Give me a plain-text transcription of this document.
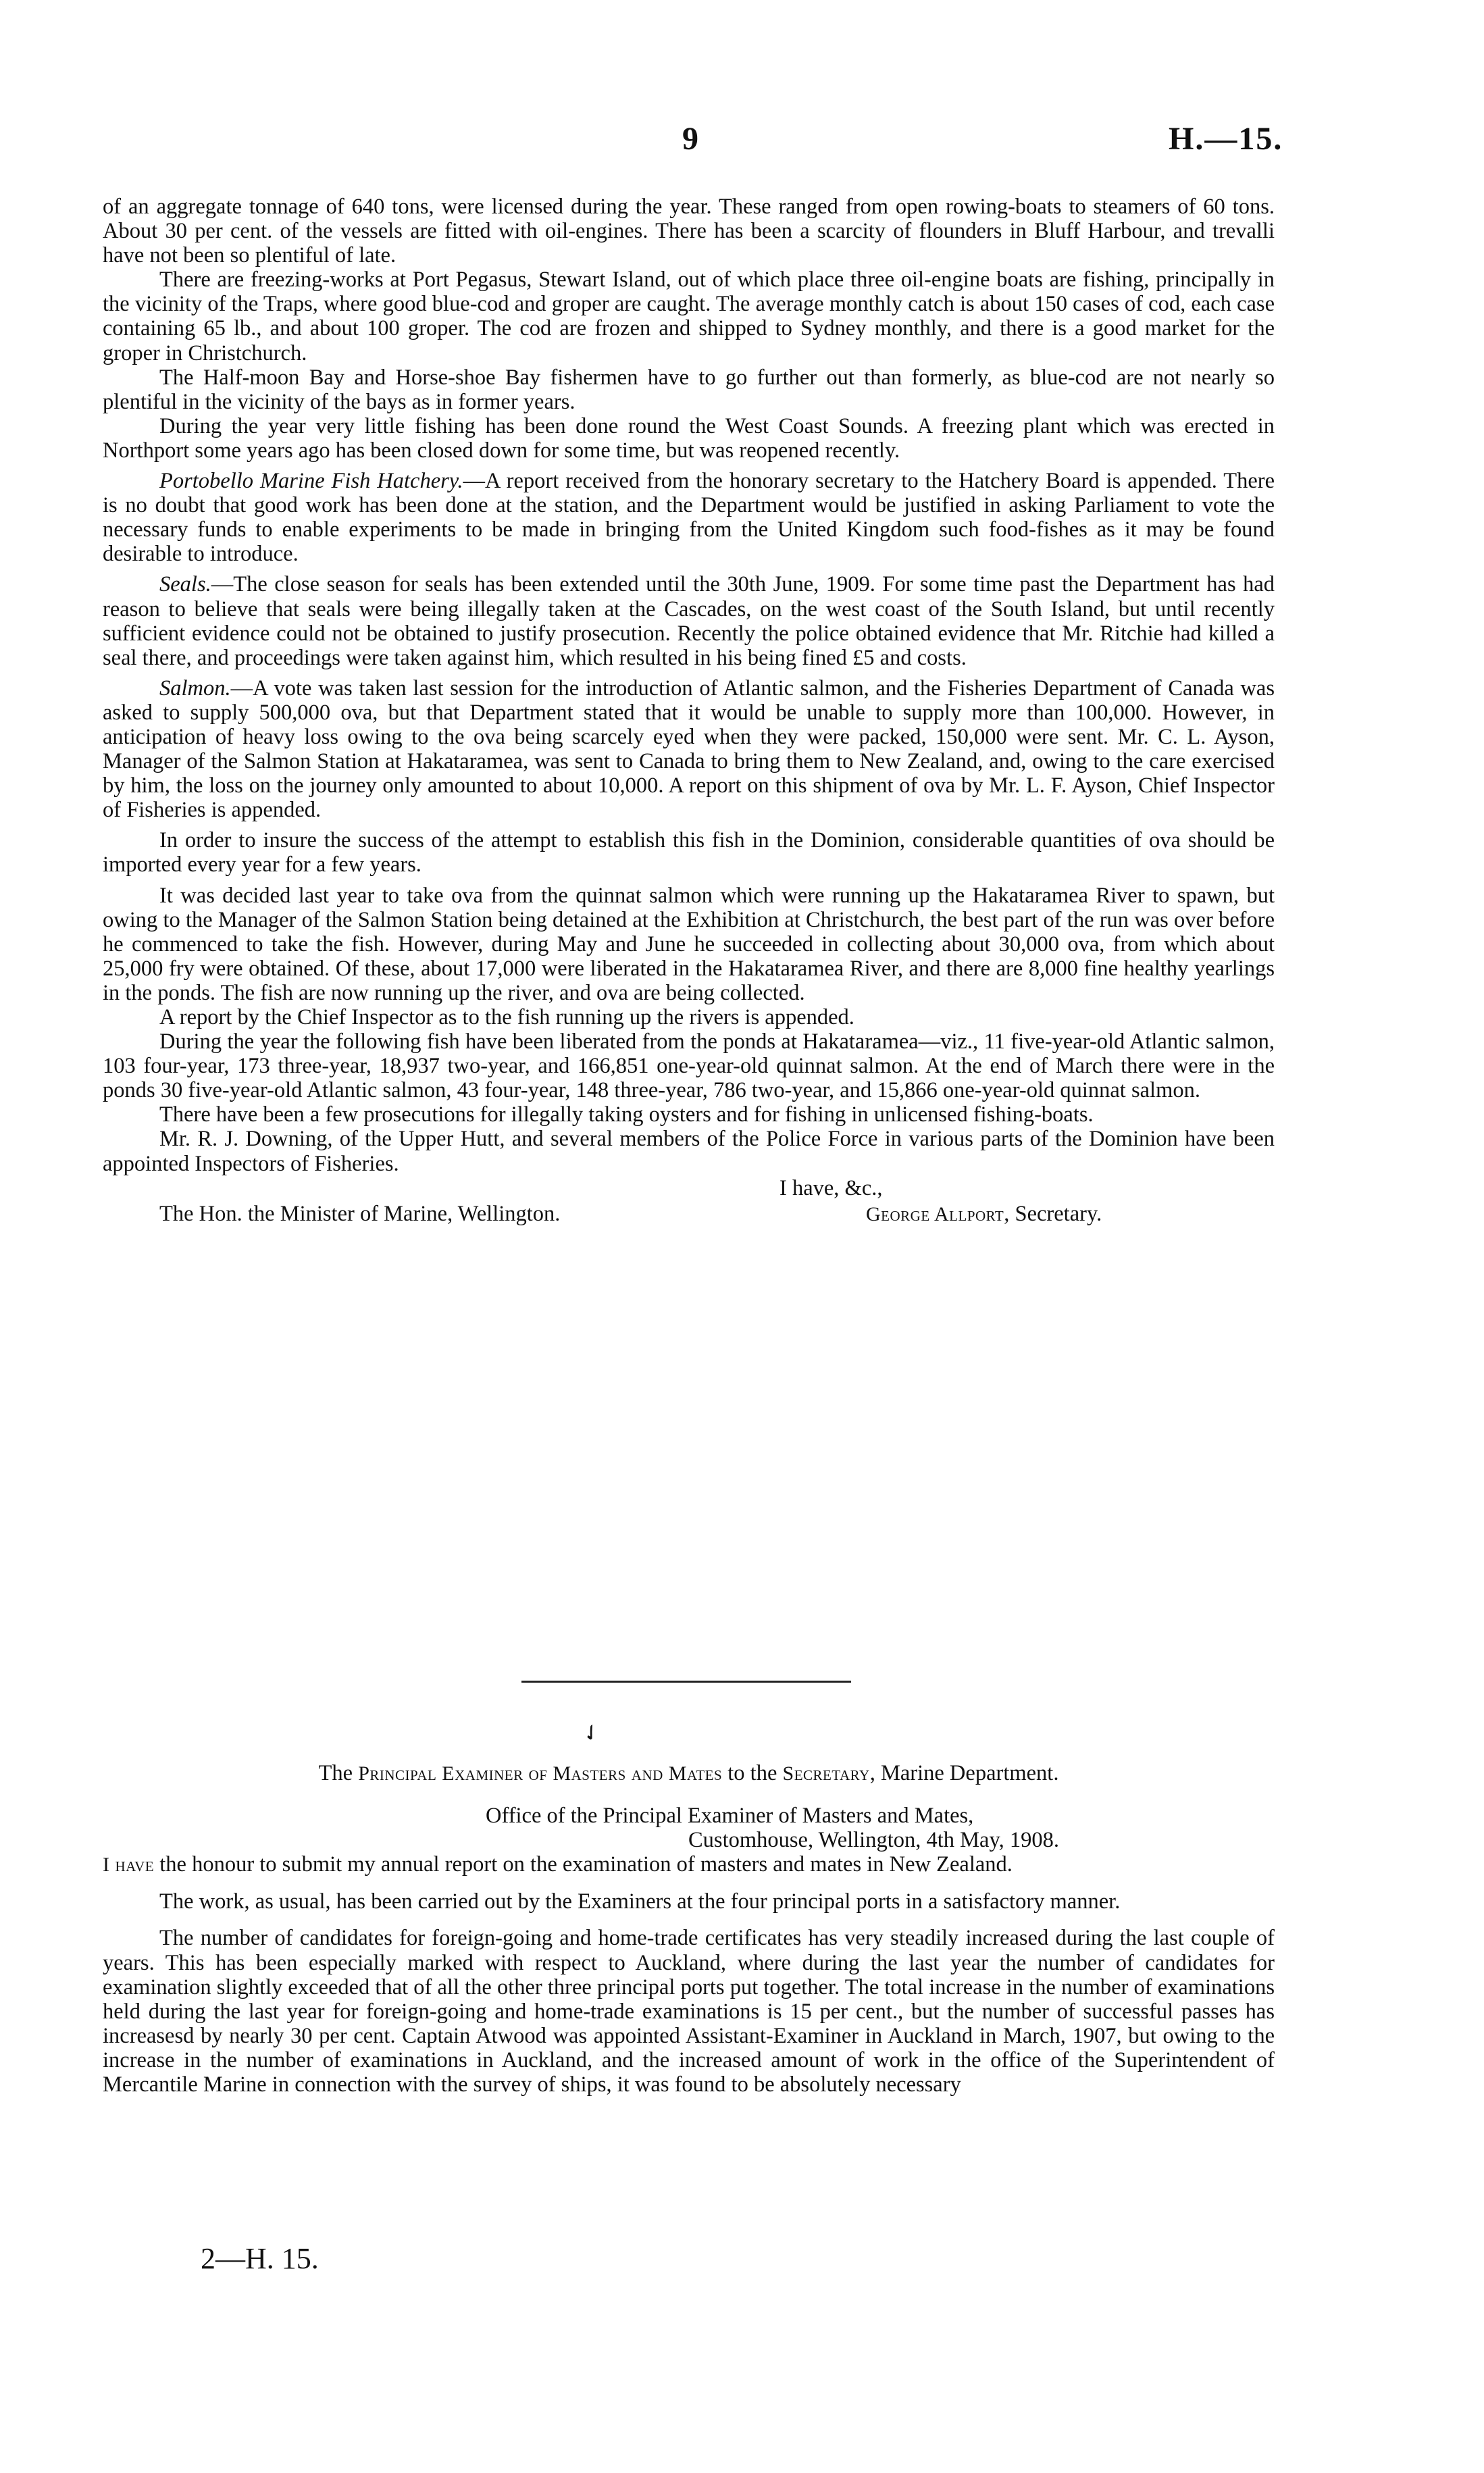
9	H.—15.

of an aggregate tonnage of 640 tons, were licensed during the year. These ranged from open rowing-boats to steamers of 60 tons. About 30 per cent. of the vessels are fitted with oil-engines. There has been a scarcity of flounders in Bluff Harbour, and trevalli have not been so plentiful of late.

There are freezing-works at Port Pegasus, Stewart Island, out of which place three oil-engine boats are fishing, principally in the vicinity of the Traps, where good blue-cod and groper are caught. The average monthly catch is about 150 cases of cod, each case containing 65 lb., and about 100 groper. The cod are frozen and shipped to Sydney monthly, and there is a good market for the groper in Christchurch.

The Half-moon Bay and Horse-shoe Bay fishermen have to go further out than formerly, as blue-cod are not nearly so plentiful in the vicinity of the bays as in former years.

During the year very little fishing has been done round the West Coast Sounds. A freezing plant which was erected in Northport some years ago has been closed down for some time, but was reopened recently.

Portobello Marine Fish Hatchery.—A report received from the honorary secretary to the Hatchery Board is appended. There is no doubt that good work has been done at the station, and the Department would be justified in asking Parliament to vote the necessary funds to enable experiments to be made in bringing from the United Kingdom such food-fishes as it may be found desirable to introduce.

Seals.—The close season for seals has been extended until the 30th June, 1909. For some time past the Department has had reason to believe that seals were being illegally taken at the Cascades, on the west coast of the South Island, but until recently sufficient evidence could not be obtained to justify prosecution. Recently the police obtained evidence that Mr. Ritchie had killed a seal there, and proceedings were taken against him, which resulted in his being fined £5 and costs.

Salmon.—A vote was taken last session for the introduction of Atlantic salmon, and the Fisheries Department of Canada was asked to supply 500,000 ova, but that Department stated that it would be unable to supply more than 100,000. However, in anticipation of heavy loss owing to the ova being scarcely eyed when they were packed, 150,000 were sent. Mr. C. L. Ayson, Manager of the Salmon Station at Hakataramea, was sent to Canada to bring them to New Zealand, and, owing to the care exercised by him, the loss on the journey only amounted to about 10,000. A report on this shipment of ova by Mr. L. F. Ayson, Chief Inspector of Fisheries is appended.

In order to insure the success of the attempt to establish this fish in the Dominion, considerable quantities of ova should be imported every year for a few years.

It was decided last year to take ova from the quinnat salmon which were running up the Hakataramea River to spawn, but owing to the Manager of the Salmon Station being detained at the Exhibition at Christchurch, the best part of the run was over before he commenced to take the fish. However, during May and June he succeeded in collecting about 30,000 ova, from which about 25,000 fry were obtained. Of these, about 17,000 were liberated in the Hakataramea River, and there are 8,000 fine healthy yearlings in the ponds. The fish are now running up the river, and ova are being collected.

A report by the Chief Inspector as to the fish running up the rivers is appended.

During the year the following fish have been liberated from the ponds at Hakataramea—viz., 11 five-year-old Atlantic salmon, 103 four-year, 173 three-year, 18,937 two-year, and 166,851 one-year-old quinnat salmon. At the end of March there were in the ponds 30 five-year-old Atlantic salmon, 43 four-year, 148 three-year, 786 two-year, and 15,866 one-year-old quinnat salmon.

There have been a few prosecutions for illegally taking oysters and for fishing in unlicensed fishing-boats.

Mr. R. J. Downing, of the Upper Hutt, and several members of the Police Force in various parts of the Dominion have been appointed Inspectors of Fisheries.

I have, &c.,
The Hon. the Minister of Marine, Wellington.	George Allport, Secretary.
✓

The Principal Examiner of Masters and Mates to the Secretary, Marine Department.

Office of the Principal Examiner of Masters and Mates,

Customhouse, Wellington, 4th May, 1908.

I have the honour to submit my annual report on the examination of masters and mates in New Zealand.

The work, as usual, has been carried out by the Examiners at the four principal ports in a satisfactory manner.

The number of candidates for foreign-going and home-trade certificates has very steadily increased during the last couple of years. This has been especially marked with respect to Auckland, where during the last year the number of candidates for examination slightly exceeded that of all the other three principal ports put together. The total increase in the number of examinations held during the last year for foreign-going and home-trade examinations is 15 per cent., but the number of successful passes has increasesd by nearly 30 per cent. Captain Atwood was appointed Assistant-Examiner in Auckland in March, 1907, but owing to the increase in the number of examinations in Auckland, and the increased amount of work in the office of the Superintendent of Mercantile Marine in connection with the survey of ships, it was found to be absolutely necessary

2—H. 15.
